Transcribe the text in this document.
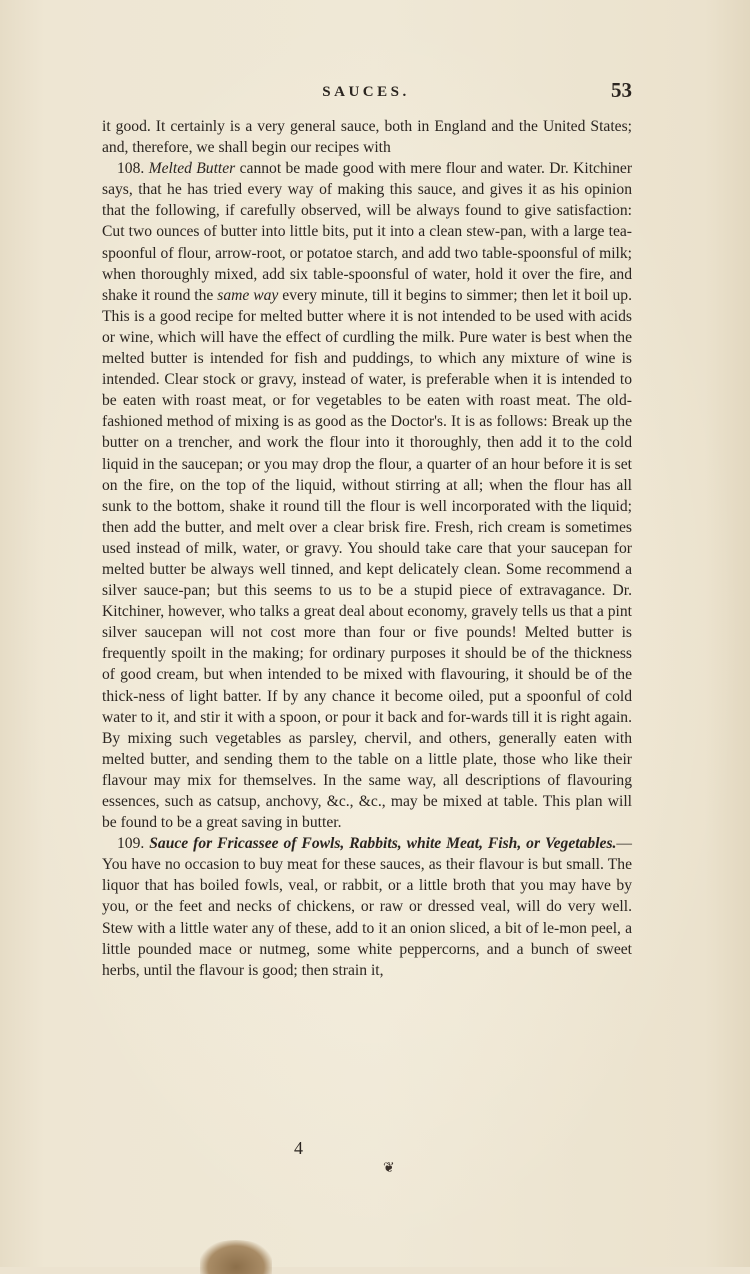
SAUCES.	53

it good. It certainly is a very general sauce, both in England and the United States; and, therefore, we shall begin our recipes with

108. Melted Butter cannot be made good with mere flour and water. Dr. Kitchiner says, that he has tried every way of making this sauce, and gives it as his opinion that the following, if carefully observed, will be always found to give satisfaction: Cut two ounces of butter into little bits, put it into a clean stew-pan, with a large tea-spoonful of flour, arrow-root, or potatoe starch, and add two table-spoonsful of milk; when thoroughly mixed, add six table-spoonsful of water, hold it over the fire, and shake it round the same way every minute, till it begins to simmer; then let it boil up. This is a good recipe for melted butter where it is not intended to be used with acids or wine, which will have the effect of curdling the milk. Pure water is best when the melted butter is intended for fish and puddings, to which any mixture of wine is intended. Clear stock or gravy, instead of water, is preferable when it is intended to be eaten with roast meat, or for vegetables to be eaten with roast meat. The old-fashioned method of mixing is as good as the Doctor's. It is as follows: Break up the butter on a trencher, and work the flour into it thoroughly, then add it to the cold liquid in the saucepan; or you may drop the flour, a quarter of an hour before it is set on the fire, on the top of the liquid, without stirring at all; when the flour has all sunk to the bottom, shake it round till the flour is well incorporated with the liquid; then add the butter, and melt over a clear brisk fire. Fresh, rich cream is sometimes used instead of milk, water, or gravy. You should take care that your saucepan for melted butter be always well tinned, and kept delicately clean. Some recommend a silver sauce-pan; but this seems to us to be a stupid piece of extravagance. Dr. Kitchiner, however, who talks a great deal about economy, gravely tells us that a pint silver saucepan will not cost more than four or five pounds! Melted butter is frequently spoilt in the making; for ordinary purposes it should be of the thickness of good cream, but when intended to be mixed with flavouring, it should be of the thick-ness of light batter. If by any chance it become oiled, put a spoonful of cold water to it, and stir it with a spoon, or pour it back and for-wards till it is right again. By mixing such vegetables as parsley, chervil, and others, generally eaten with melted butter, and sending them to the table on a little plate, those who like their flavour may mix for themselves. In the same way, all descriptions of flavouring essences, such as catsup, anchovy, &c., &c., may be mixed at table. This plan will be found to be a great saving in butter.

109. Sauce for Fricassee of Fowls, Rabbits, white Meat, Fish, or Vegetables.—You have no occasion to buy meat for these sauces, as their flavour is but small. The liquor that has boiled fowls, veal, or rabbit, or a little broth that you may have by you, or the feet and necks of chickens, or raw or dressed veal, will do very well. Stew with a little water any of these, add to it an onion sliced, a bit of le-mon peel, a little pounded mace or nutmeg, some white peppercorns, and a bunch of sweet herbs, until the flavour is good; then strain it,

4
❦
